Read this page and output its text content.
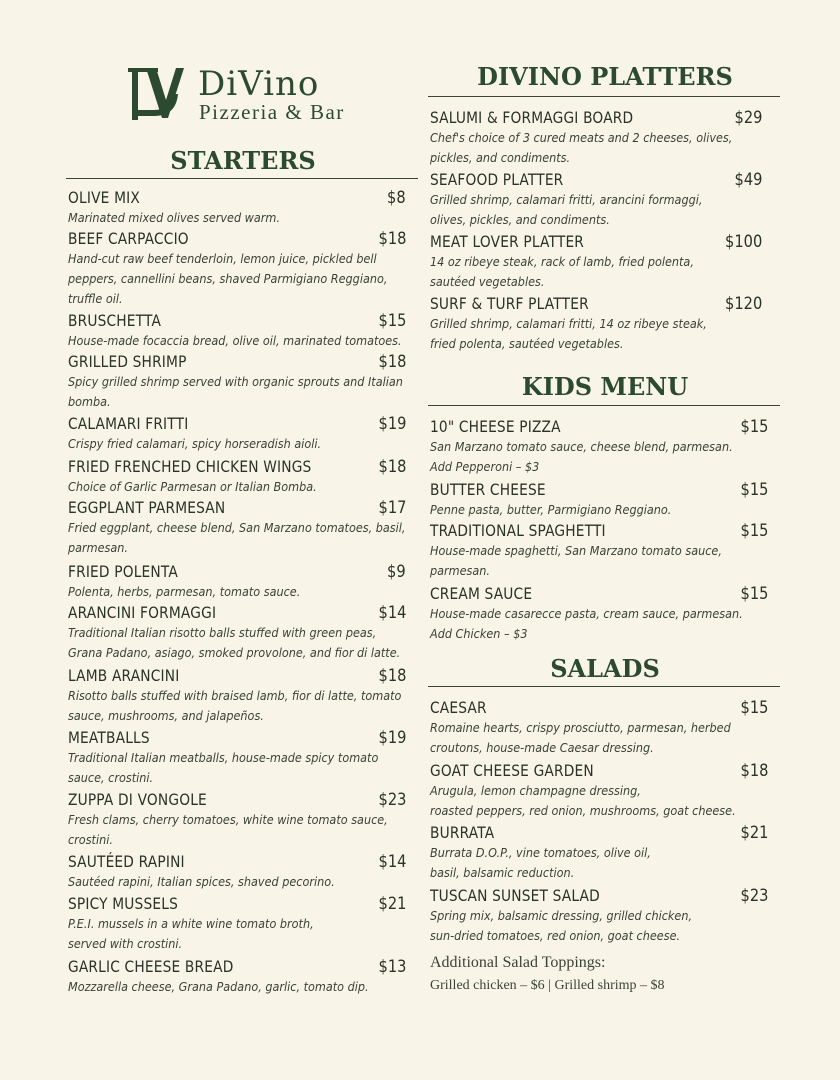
DiVino
Pizzeria & Bar
STARTERS
DIVINO PLATTERS
KIDS MENU
SALADS
OLIVE MIX	$8
Marinated mixed olives served warm.
BEEF CARPACCIO	$18
Hand-cut raw beef tenderloin, lemon juice, pickled bell
peppers, cannellini beans, shaved Parmigiano Reggiano,
truffle oil.
BRUSCHETTA	$15
House-made focaccia bread, olive oil, marinated tomatoes.
GRILLED SHRIMP	$18
Spicy grilled shrimp served with organic sprouts and Italian
bomba.
CALAMARI FRITTI	$19
Crispy fried calamari, spicy horseradish aioli.
FRIED FRENCHED CHICKEN WINGS	$18
Choice of Garlic Parmesan or Italian Bomba.
EGGPLANT PARMESAN	$17
Fried eggplant, cheese blend, San Marzano tomatoes, basil,
parmesan.
FRIED POLENTA	$9
Polenta, herbs, parmesan, tomato sauce.
ARANCINI FORMAGGI	$14
Traditional Italian risotto balls stuffed with green peas,
Grana Padano, asiago, smoked provolone, and fior di latte.
LAMB ARANCINI	$18
Risotto balls stuffed with braised lamb, fior di latte, tomato
sauce, mushrooms, and jalapeños.
MEATBALLS	$19
Traditional Italian meatballs, house-made spicy tomato
sauce, crostini.
ZUPPA DI VONGOLE	$23
Fresh clams, cherry tomatoes, white wine tomato sauce,
crostini.
SAUTÉED RAPINI	$14
Sautéed rapini, Italian spices, shaved pecorino.
SPICY MUSSELS	$21
P.E.I. mussels in a white wine tomato broth,
served with crostini.
GARLIC CHEESE BREAD	$13
Mozzarella cheese, Grana Padano, garlic, tomato dip.
SALUMI & FORMAGGI BOARD	$29
Chef's choice of 3 cured meats and 2 cheeses, olives,
pickles, and condiments.
SEAFOOD PLATTER	$49
Grilled shrimp, calamari fritti, arancini formaggi,
olives, pickles, and condiments.
MEAT LOVER PLATTER	$100
14 oz ribeye steak, rack of lamb, fried polenta,
sautéed vegetables.
SURF & TURF PLATTER	$120
Grilled shrimp, calamari fritti, 14 oz ribeye steak,
fried polenta, sautéed vegetables.
10" CHEESE PIZZA	$15
San Marzano tomato sauce, cheese blend, parmesan.
Add Pepperoni – $3
BUTTER CHEESE	$15
Penne pasta, butter, Parmigiano Reggiano.
TRADITIONAL SPAGHETTI	$15
House-made spaghetti, San Marzano tomato sauce,
parmesan.
CREAM SAUCE	$15
House-made casarecce pasta, cream sauce, parmesan.
Add Chicken – $3
CAESAR	$15
Romaine hearts, crispy prosciutto, parmesan, herbed
croutons, house-made Caesar dressing.
GOAT CHEESE GARDEN	$18
Arugula, lemon champagne dressing,
roasted peppers, red onion, mushrooms, goat cheese.
BURRATA	$21
Burrata D.O.P., vine tomatoes, olive oil,
basil, balsamic reduction.
TUSCAN SUNSET SALAD	$23
Spring mix, balsamic dressing, grilled chicken,
sun-dried tomatoes, red onion, goat cheese.
Additional Salad Toppings:
Grilled chicken – $6 | Grilled shrimp – $8
